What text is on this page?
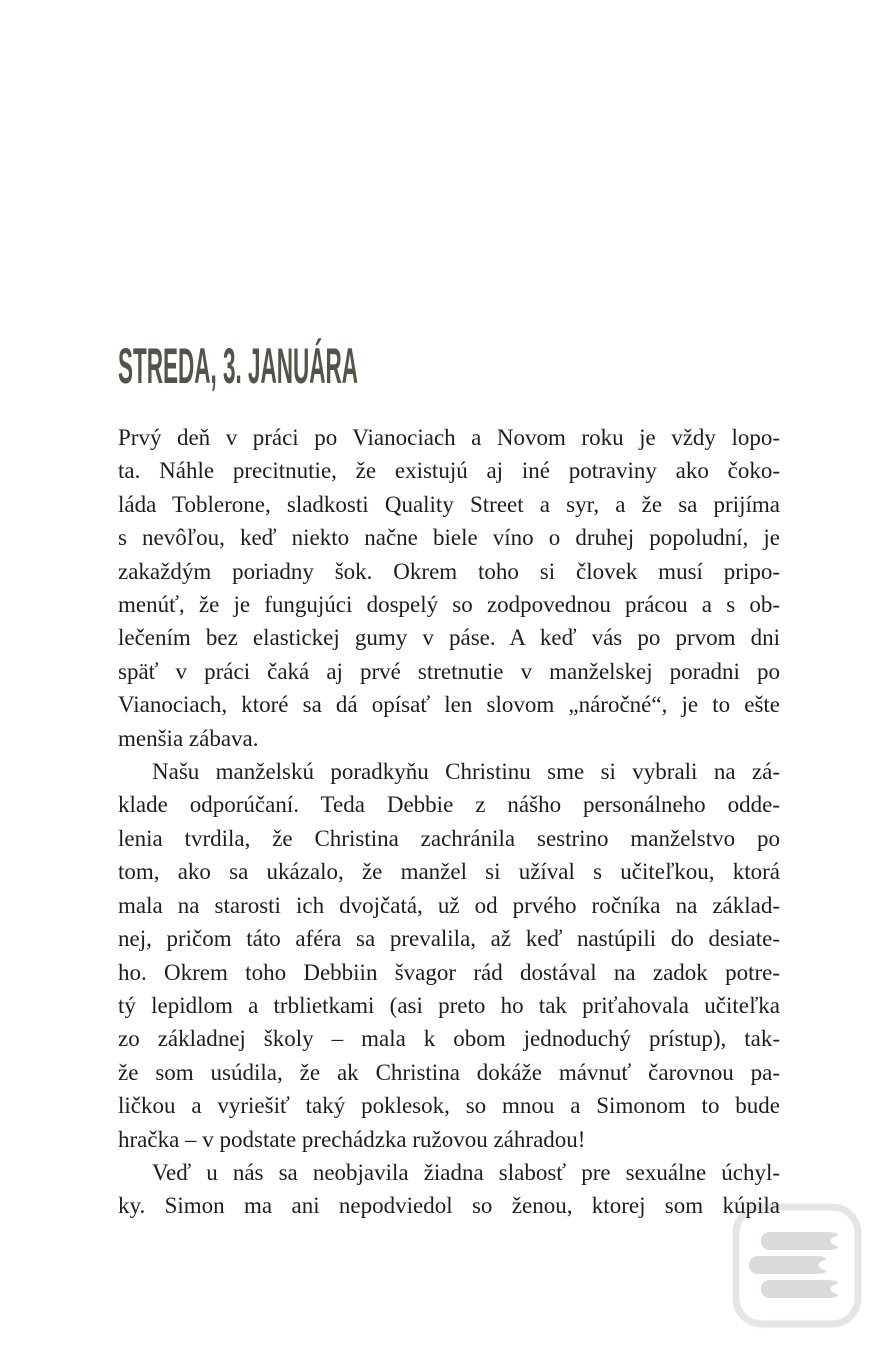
STREDA, 3. JANUÁRA
Prvý deň v práci po Vianociach a Novom roku je vždy lopo-
ta. Náhle precitnutie, že existujú aj iné potraviny ako čoko-
láda Toblerone, sladkosti Quality Street a syr, a že sa prijíma
s nevôľou, keď niekto načne biele víno o druhej popoludní, je
zakaždým poriadny šok. Okrem toho si človek musí pripo-
menúť, že je fungujúci dospelý so zodpovednou prácou a s ob-
lečením bez elastickej gumy v páse. A keď vás po prvom dni
späť v práci čaká aj prvé stretnutie v manželskej poradni po
Vianociach, ktoré sa dá opísať len slovom „náročné“, je to ešte
menšia zábava.
Našu manželskú poradkyňu Christinu sme si vybrali na zá-
klade odporúčaní. Teda Debbie z nášho personálneho odde-
lenia tvrdila, že Christina zachránila sestrino manželstvo po
tom, ako sa ukázalo, že manžel si užíval s učiteľkou, ktorá
mala na starosti ich dvojčatá, už od prvého ročníka na základ-
nej, pričom táto aféra sa prevalila, až keď nastúpili do desiate-
ho. Okrem toho Debbiin švagor rád dostával na zadok potre-
tý lepidlom a trblietkami (asi preto ho tak priťahovala učiteľka
zo základnej školy – mala k obom jednoduchý prístup), tak-
že som usúdila, že ak Christina dokáže mávnuť čarovnou pa-
ličkou a vyriešiť taký poklesok, so mnou a Simonom to bude
hračka – v podstate prechádzka ružovou záhradou!
Veď u nás sa neobjavila žiadna slabosť pre sexuálne úchyl-
ky. Simon ma ani nepodviedol so ženou, ktorej som kúpila
